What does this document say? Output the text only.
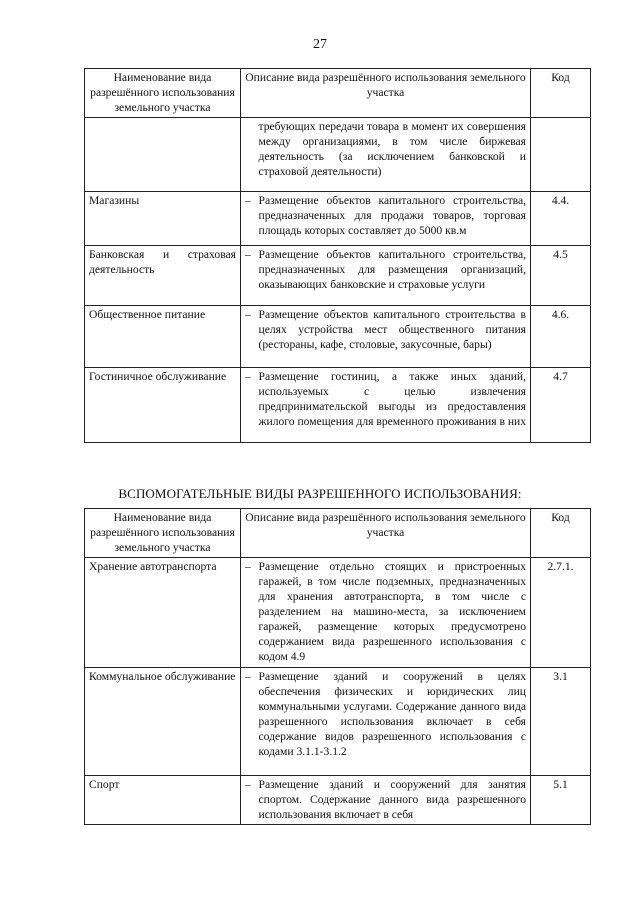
27
Наименование вида разрешённого использования земельного участка	Описание вида разрешённого использования земельного участка		Код
		требующих передачи товара в момент их совершения между организациями, в том числе биржевая деятельность (за исключением банковской и страховой деятельности)	
Магазины	–	Размещение объектов капитального строительства, предназначенных для продажи товаров, торговая площадь которых составляет до 5000 кв.м	4.4.
Банковская и страховая деятельность	–	Размещение объектов капитального строительства, предназначенных для размещения организаций, оказывающих банковские и страховые услуги	4.5
Общественное питание	–	Размещение объектов капитального строительства в целях устройства мест общественного питания (рестораны, кафе, столовые, закусочные, бары)	4.6.
Гостиничное обслуживание	–	Размещение гостиниц, а также иных зданий, используемых с целью извлечения предпринимательской выгоды из предоставления жилого помещения для временного проживания в них	4.7
ВСПОМОГАТЕЛЬНЫЕ ВИДЫ РАЗРЕШЕННОГО ИСПОЛЬЗОВАНИЯ:
Наименование вида разрешённого использования земельного участка	Описание вида разрешённого использования земельного участка		Код
Хранение автотранспорта	–	Размещение отдельно стоящих и пристроенных гаражей, в том числе подземных, предназначенных для хранения автотранспорта, в том числе с разделением на машино-места, за исключением гаражей, размещение которых предусмотрено содержанием вида разрешенного использования с кодом 4.9	2.7.1.
Коммунальное обслуживание	–	Размещение зданий и сооружений в целях обеспечения физических и юридических лиц коммунальными услугами. Содержание данного вида разрешенного использования включает в себя содержание видов разрешенного использования с кодами 3.1.1-3.1.2	3.1
Спорт	–	Размещение зданий и сооружений для занятия спортом. Содержание данного вида разрешенного использования включает в себя	5.1
